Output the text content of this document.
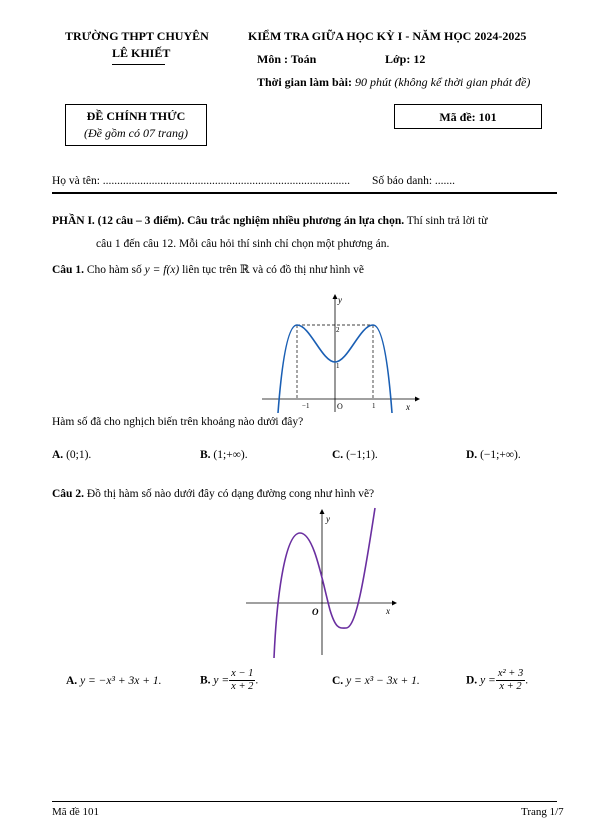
TRƯỜNG THPT CHUYÊN
LÊ KHIẾT
KIỂM TRA GIỮA HỌC KỲ I - NĂM HỌC 2024-2025
Môn : Toán	Lớp: 12
Thời gian làm bài: 90 phút (không kể thời gian phát đề)
ĐỀ CHÍNH THỨC
(Đề gồm có 07 trang)
Mã đề: 101
Họ và tên: ...................................................................................... Số báo danh: .......
PHẦN I. (12 câu – 3 điểm). Câu trắc nghiệm nhiều phương án lựa chọn. Thí sinh trả lời từ
câu 1 đến câu 12. Mỗi câu hỏi thí sinh chỉ chọn một phương án.
Câu 1. Cho hàm số y = f(x) liên tục trên ℝ và có đồ thị như hình vẽ
y
x
O
−1	1
2
1
Hàm số đã cho nghịch biến trên khoảng nào dưới đây?
A. (0;1).	B. (1;+∞).	C. (−1;1).	D. (−1;+∞).
Câu 2. Đồ thị hàm số nào dưới đây có dạng đường cong như hình vẽ?
y
x
O
A. y = −x³ + 3x + 1.	B. $y = \frac{x - 1}{x + 2}$ .	C. y = x³ − 3x + 1.	D. $y = \frac{\text{x² + 3}}{x + 2}$ .
Mã đề 101	Trang 1/7
